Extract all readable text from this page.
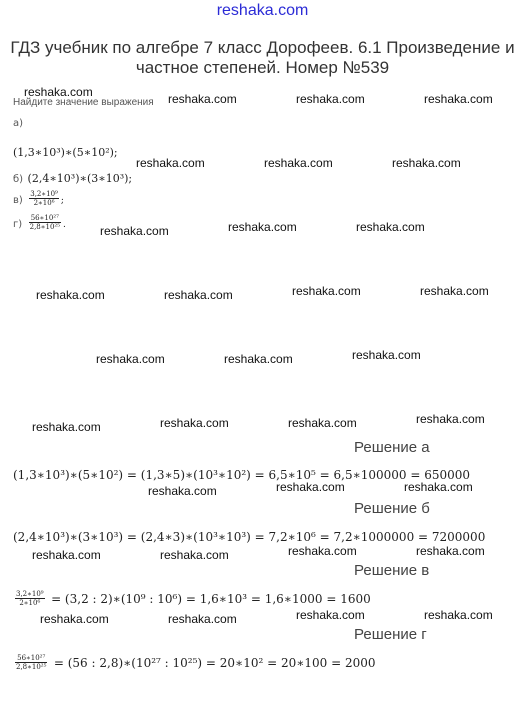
reshaka.com
ГДЗ учебник по алгебре 7 класс Дорофеев. 6.1 Произведение и частное степеней. Номер №539
Найдите значение выражения
а)
(1,3∗10³)∗(5∗10²);
б) (2,4∗10³)∗(3∗10³);
$в) \frac{\text{3,2∗10⁹}}{\text{2∗10⁶}}$ ;
$г) \frac{\text{56∗10²⁷}}{\text{2,8∗10²⁵}}$ .
Решение а
(1,3∗10³)∗(5∗10²) = (1,3∗5)∗(10³∗10²) = 6,5∗10⁵ = 6,5∗100000 = 650000
Решение б
(2,4∗10³)∗(3∗10³) = (2,4∗3)∗(10³∗10³) = 7,2∗10⁶ = 7,2∗1000000 = 7200000
Решение в
$\frac{\text{3,2∗10⁹}}{\text{2∗10⁶}} = (3,2$ : 2)∗(10⁹ : 10⁶) = 1,6∗10³ = 1,6∗1000 = 1600
Решение г
$\frac{\text{56∗10²⁷}}{\text{2,8∗10²⁵}} = (56$ : 2,8)∗(10²⁷ : 10²⁵) = 20∗10² = 20∗100 = 2000
reshaka.com	reshaka.com	reshaka.com	reshaka.com
reshaka.com	reshaka.com	reshaka.com
reshaka.com	reshaka.com	reshaka.com
reshaka.com	reshaka.com	reshaka.com	reshaka.com
reshaka.com	reshaka.com	reshaka.com
reshaka.com	reshaka.com	reshaka.com	reshaka.com
reshaka.com	reshaka.com	reshaka.com
reshaka.com	reshaka.com	reshaka.com	reshaka.com
reshaka.com	reshaka.com	reshaka.com	reshaka.com
